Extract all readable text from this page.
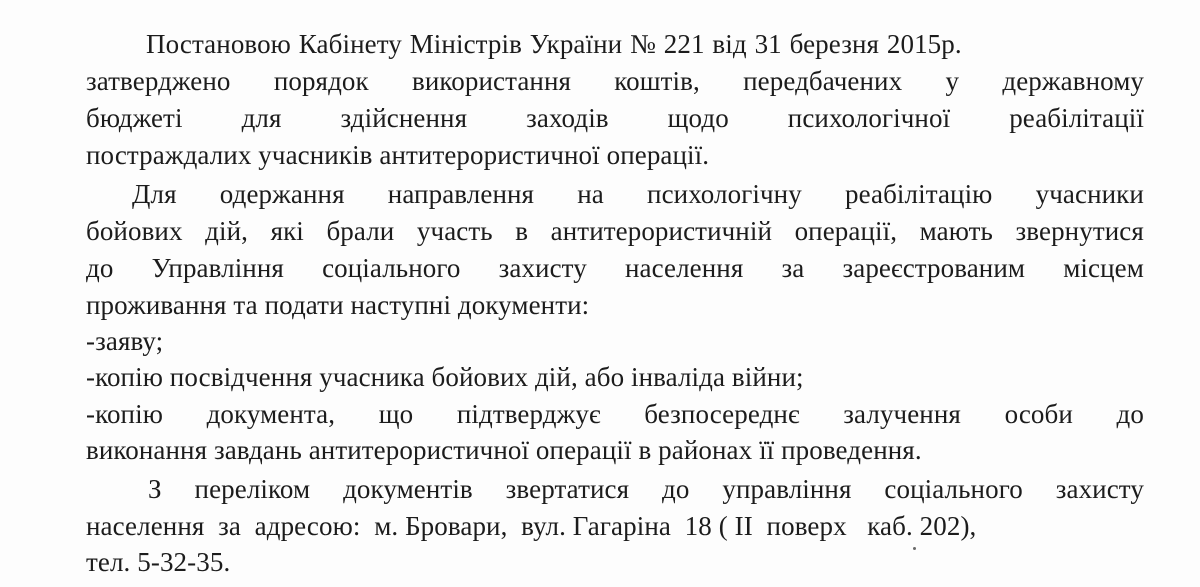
Постановою Кабінету Міністрів України № 221 від 31 березня 2015р.
затверджено порядок використання коштів, передбачених у державному
бюджеті для здійснення заходів щодо психологічної реабілітації
постраждалих учасників антитерористичної операції.
Для одержання направлення на психологічну реабілітацію учасники
бойових дій, які брали участь в антитерористичній операції, мають звернутися
до Управління соціального захисту населення за зареєстрованим місцем
проживання та подати наступні документи:
-заяву;
-копію посвідчення учасника бойових дій, або інваліда війни;
-копію документа, що підтверджує безпосереднє залучення особи до
виконання завдань антитерористичної операції в районах її проведення.
З переліком документів звертатися до управління соціального захисту
населення  за  адресою:  м. Бровари,  вул. Гагаріна  18 ( ІІ  поверх   каб. 202),
тел. 5-32-35.
